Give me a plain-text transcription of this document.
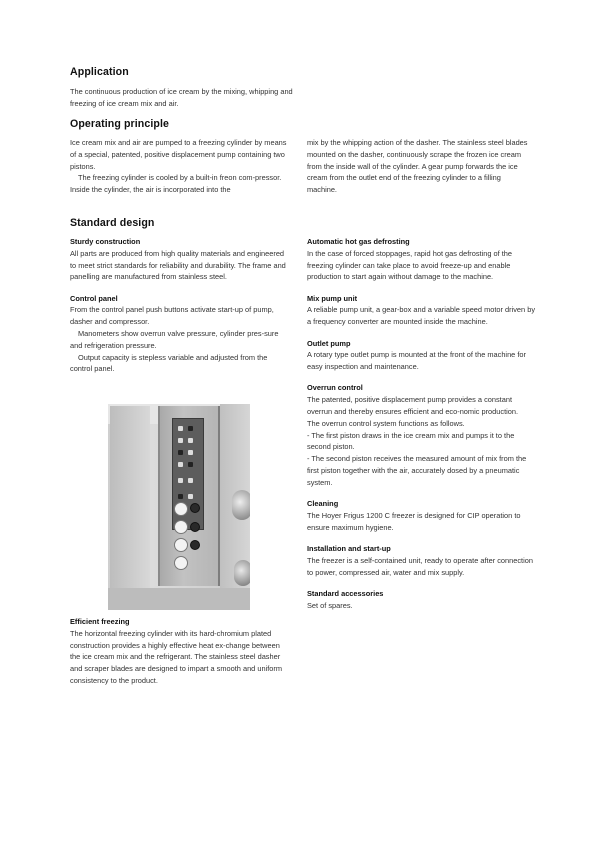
Application

The continuous production of ice cream by the mixing, whipping and freezing of ice cream mix and air.

Operating principle

Ice cream mix and air are pumped to a freezing cylinder by means of a special, patented, positive displacement pump containing two pistons.

The freezing cylinder is cooled by a built-in freon com-pressor. Inside the cylinder, the air is incorporated into the

mix by the whipping action of the dasher. The stainless steel blades mounted on the dasher, continuously scrape the frozen ice cream from the inside wall of the cylinder. A gear pump forwards the ice cream from the outlet end of the freezing cylinder to a filling machine.

Standard design
Sturdy construction

All parts are produced from high quality materials and engineered to meet strict standards for reliability and durability. The frame and panelling are manufactured from stainless steel.

Control panel

From the control panel push buttons activate start-up of pump, dasher and compressor.

Manometers show overrun valve pressure, cylinder pres-sure and refrigeration pressure.

Output capacity is stepless variable and adjusted from the control panel.

Efficient freezing

The horizontal freezing cylinder with its hard-chromium plated construction provides a highly effective heat ex-change between the ice cream mix and the refrigerant. The stainless steel dasher and scraper blades are designed to impart a smooth and uniform consistency to the product.

Automatic hot gas defrosting

In the case of forced stoppages, rapid hot gas defrosting of the freezing cylinder can take place to avoid freeze-up and enable production to start again without damage to the machine.

Mix pump unit

A reliable pump unit, a gear-box and a variable speed motor driven by a frequency converter are mounted inside the machine.

Outlet pump

A rotary type outlet pump is mounted at the front of the machine for easy inspection and maintenance.

Overrun control

The patented, positive displacement pump provides a constant overrun and thereby ensures efficient and eco-nomic production.

The overrun control system functions as follows.

- The first piston draws in the ice cream mix and pumps it to the second piston.

- The second piston receives the measured amount of mix from the first piston together with the air, accurately dosed by a pneumatic system.

Cleaning

The Hoyer Frigus 1200 C freezer is designed for CIP operation to ensure maximum hygiene.

Installation and start-up

The freezer is a self-contained unit, ready to operate after connection to power, compressed air, water and mix supply.

Standard accessories

Set of spares.
